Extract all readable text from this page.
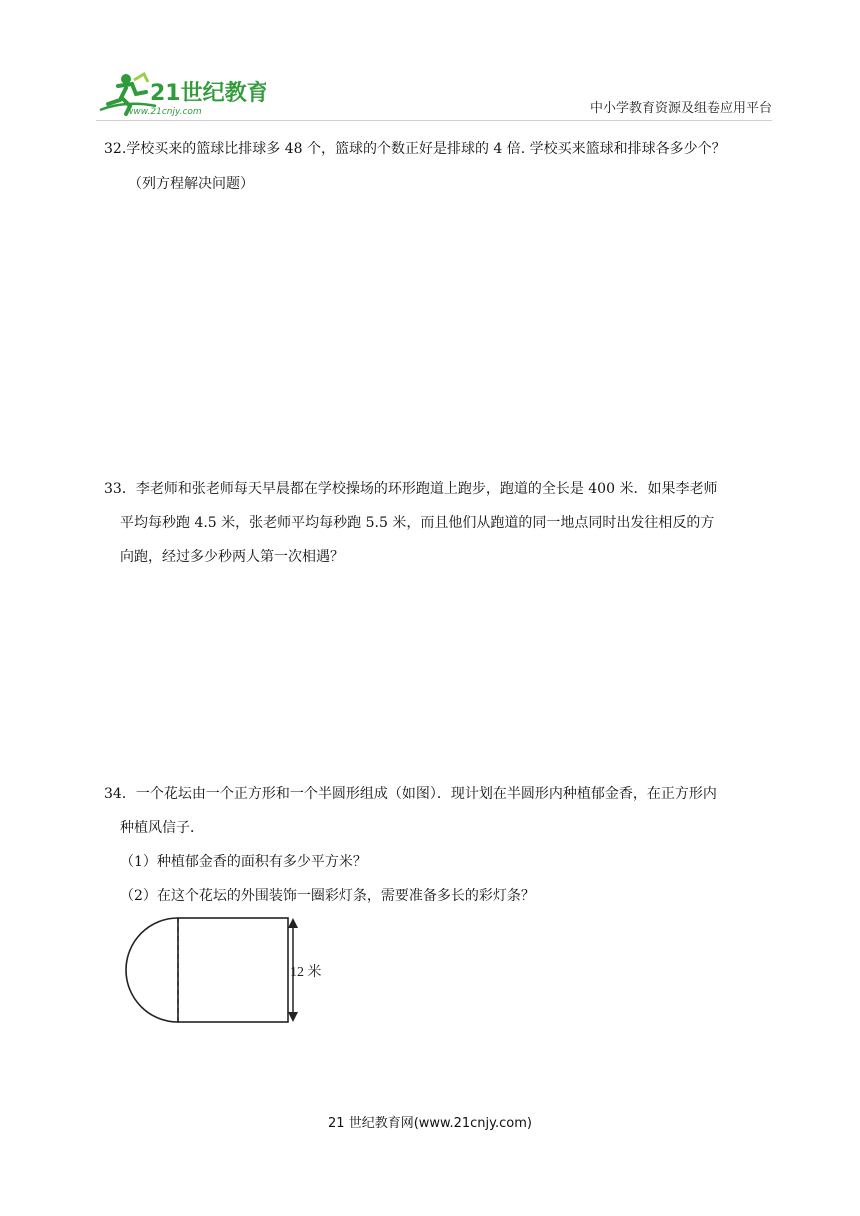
21世纪教育
www.21cnjy.com	中小学教育资源及组卷应用平台
32.学校买来的篮球比排球多 48 个，篮球的个数正好是排球的 4 倍. 学校买来篮球和排球各多少个？
（列方程解决问题）
33．李老师和张老师每天早晨都在学校操场的环形跑道上跑步，跑道的全长是 400 米．如果李老师
平均每秒跑 4.5 米，张老师平均每秒跑 5.5 米，而且他们从跑道的同一地点同时出发往相反的方
向跑，经过多少秒两人第一次相遇？
34．一个花坛由一个正方形和一个半圆形组成（如图）．现计划在半圆形内种植郁金香，在正方形内
种植风信子．
（1）种植郁金香的面积有多少平方米？
（2）在这个花坛的外围装饰一圈彩灯条，需要准备多长的彩灯条？
12 米
21 世纪教育网(www.21cnjy.com)
